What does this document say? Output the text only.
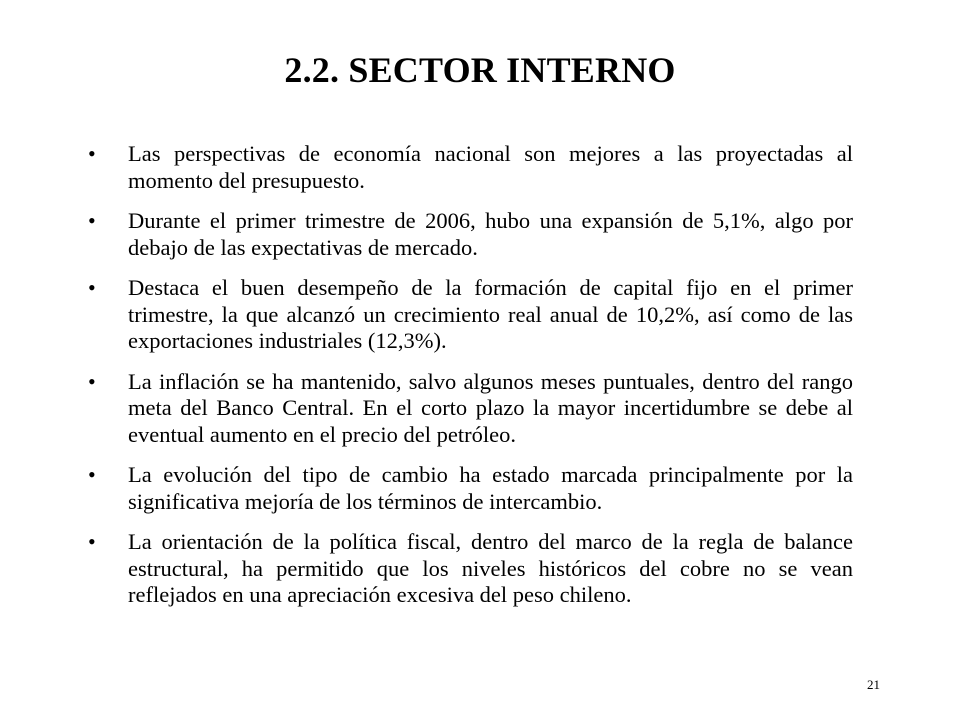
2.2. SECTOR INTERNO
• Las perspectivas de economía nacional son mejores a las proyectadas al momento del presupuesto.
• Durante el primer trimestre de 2006, hubo una expansión de 5,1%, algo por debajo de las expectativas de mercado.
• Destaca el buen desempeño de la formación de capital fijo en el primer trimestre, la que alcanzó un crecimiento real anual de 10,2%, así como de las exportaciones industriales (12,3%).
• La inflación se ha mantenido, salvo algunos meses puntuales, dentro del rango meta del Banco Central. En el corto plazo la mayor incertidumbre se debe al eventual aumento en el precio del petróleo.
• La evolución del tipo de cambio ha estado marcada principalmente por la significativa mejoría de los términos de intercambio.
• La orientación de la política fiscal, dentro del marco de la regla de balance estructural, ha permitido que los niveles históricos del cobre no se vean reflejados en una apreciación excesiva del peso chileno.
21
